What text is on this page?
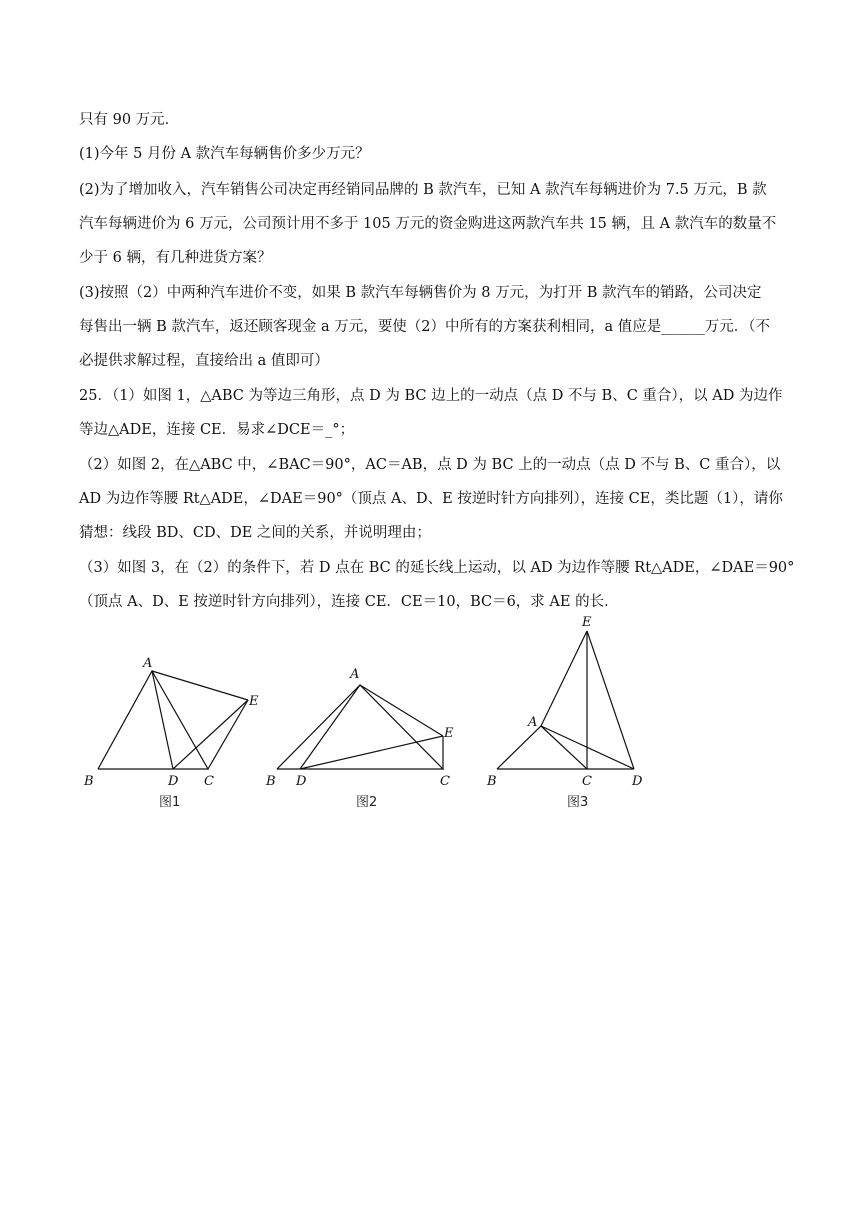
只有 90 万元．
(1)今年 5 月份 A 款汽车每辆售价多少万元？
(2)为了增加收入，汽车销售公司决定再经销同品牌的 B 款汽车，已知 A 款汽车每辆进价为 7.5 万元，B 款
汽车每辆进价为 6 万元，公司预计用不多于 105 万元的资金购进这两款汽车共 15 辆，且 A 款汽车的数量不
少于 6 辆，有几种进货方案？
(3)按照（2）中两种汽车进价不变，如果 B 款汽车每辆售价为 8 万元，为打开 B 款汽车的销路，公司决定
每售出一辆 B 款汽车，返还顾客现金 a 万元，要使（2）中所有的方案获利相同，a 值应是______万元．（不
必提供求解过程，直接给出 a 值即可）
25．（1）如图 1，△ABC 为等边三角形，点 D 为 BC 边上的一动点（点 D 不与 B、C 重合），以 AD 为边作
等边△ADE，连接 CE．易求∠DCE＝_°；
（2）如图 2，在△ABC 中，∠BAC＝90°，AC＝AB，点 D 为 BC 上的一动点（点 D 不与 B、C 重合），以
AD 为边作等腰 Rt△ADE，∠DAE＝90°（顶点 A、D、E 按逆时针方向排列），连接 CE，类比题（1），请你
猜想：线段 BD、CD、DE 之间的关系，并说明理由；
（3）如图 3，在（2）的条件下，若 D 点在 BC 的延长线上运动，以 AD 为边作等腰 Rt△ADE，∠DAE＝90°
（顶点 A、D、E 按逆时针方向排列），连接 CE．CE＝10，BC＝6，求 AE 的长．
A
B	D C
E
图1
A
B D	C
E
图2
E
A
B	C	D
图3
